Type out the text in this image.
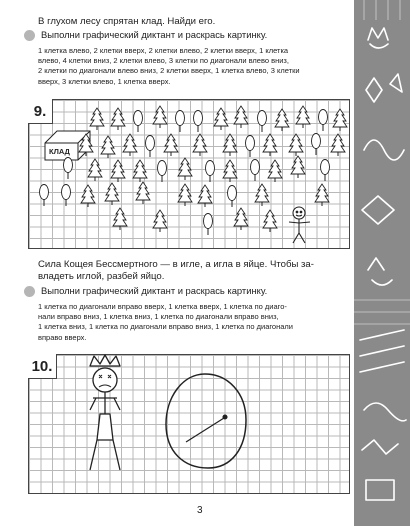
В глухом лесу спрятан клад. Найди его.
Выполни графический диктант и раскрась картинку.
1 клетка влево, 2 клетки вверх, 2 клетки влево, 2 клетки вверх, 1 клетка
влево, 4 клетки вниз, 2 клетки влево, 3 клетки по диагонали влево вниз,
2 клетки по диагонали влево вниз, 2 клетки вверх, 1 клетка влево, 3 клетки
вверх, 3 клетки влево, 1 клетка вверх.
9.
КЛАД
Сила Кощея Бессмертного — в игле, а игла в яйце. Чтобы за-
владеть иглой, разбей яйцо.
Выполни графический диктант и раскрась картинку.
1 клетка по диагонали вправо вверх, 1 клетка вверх, 1 клетка по диаго-
нали вправо вниз, 1 клетка вниз, 1 клетка по диагонали вправо вниз,
1 клетка вниз, 1 клетка по диагонали вправо вниз, 1 клетка по диагонали
вправо вверх.
10.
3
